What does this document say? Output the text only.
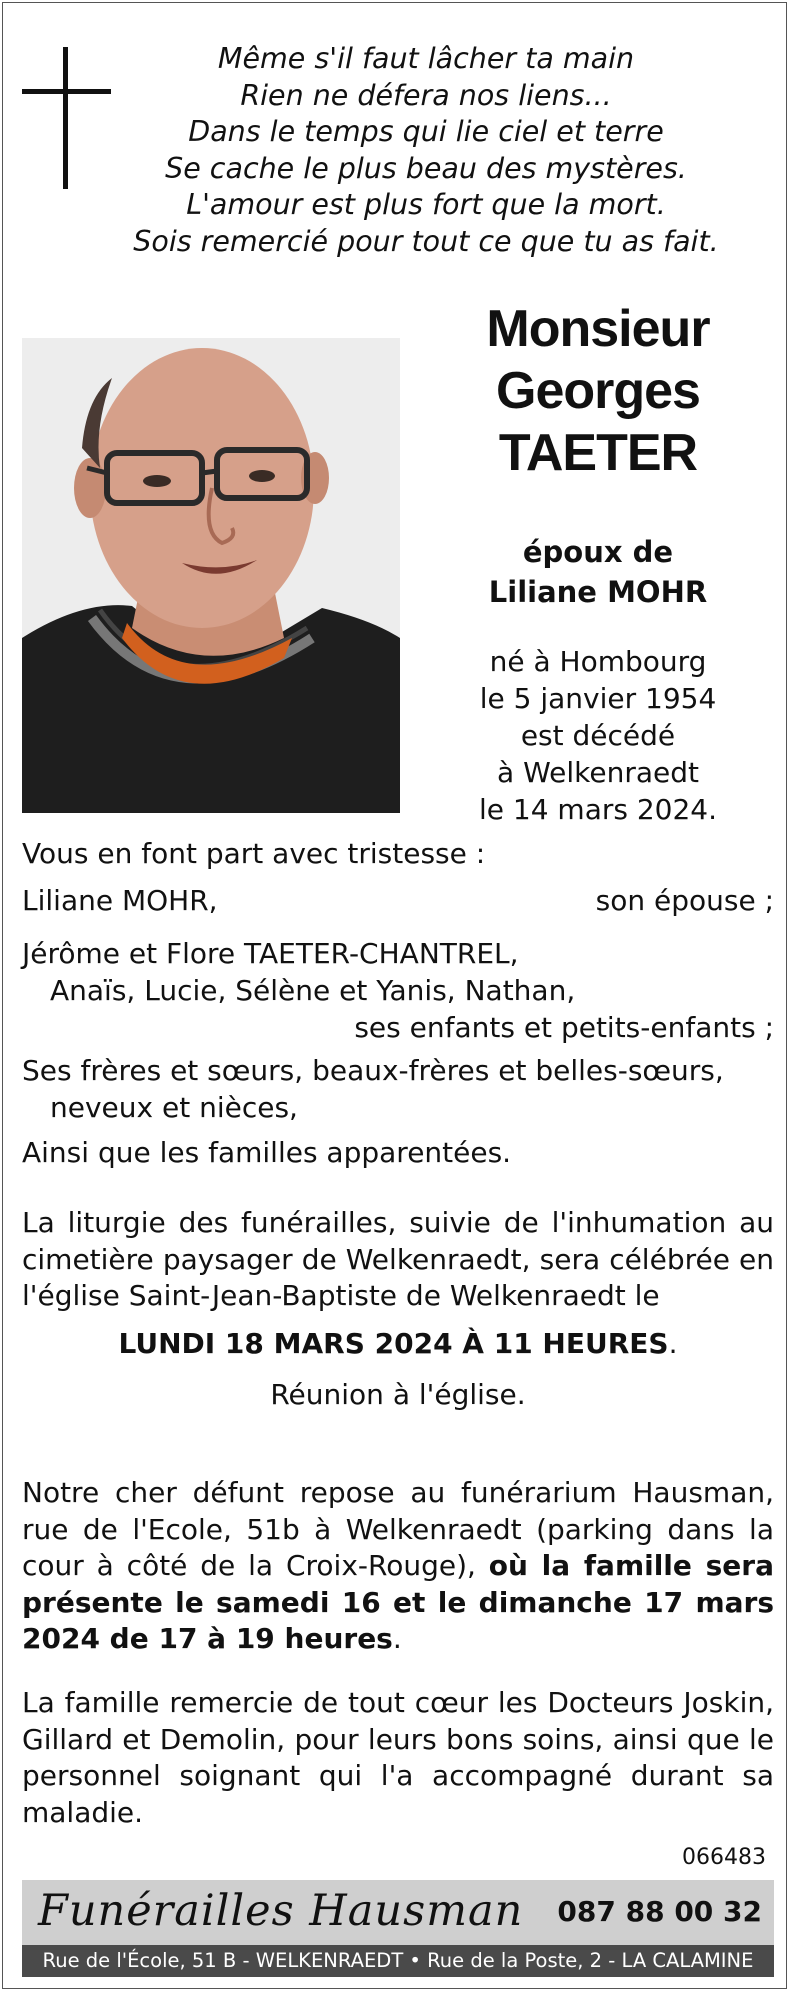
Même s'il faut lâcher ta main
Rien ne défera nos liens...
Dans le temps qui lie ciel et terre
Se cache le plus beau des mystères.
L'amour est plus fort que la mort.
Sois remercié pour tout ce que tu as fait.
Monsieur
Georges
TAETER
époux de
Liliane MOHR
né à Hombourg
le 5 janvier 1954
est décédé
à Welkenraedt
le 14 mars 2024.
Vous en font part avec tristesse :
Liliane MOHR,	son épouse ;
Jérôme et Flore TAETER-CHANTREL,
Anaïs, Lucie, Sélène et Yanis, Nathan,
ses enfants et petits-enfants ;
Ses frères et sœurs, beaux-frères et belles-sœurs,
neveux et nièces,
Ainsi que les familles apparentées.
La liturgie des funérailles, suivie de l'inhumation au cimetière paysager de Welkenraedt, sera célébrée en l'église Saint-Jean-Baptiste de Welkenraedt le
LUNDI 18 MARS 2024 À 11 HEURES.
Réunion à l'église.
Notre cher défunt repose au funérarium Hausman, rue de l'Ecole, 51b à Welkenraedt (parking dans la cour à côté de la Croix-Rouge), où la famille sera présente le samedi 16 et le dimanche 17 mars 2024 de 17 à 19 heures.
La famille remercie de tout cœur les Docteurs Joskin, Gillard et Demolin, pour leurs bons soins, ainsi que le personnel soignant qui l'a accompagné durant sa maladie.
066483
Funérailles Hausman 087 88 00 32
Rue de l'École, 51 B - WELKENRAEDT • Rue de la Poste, 2 - LA CALAMINE
